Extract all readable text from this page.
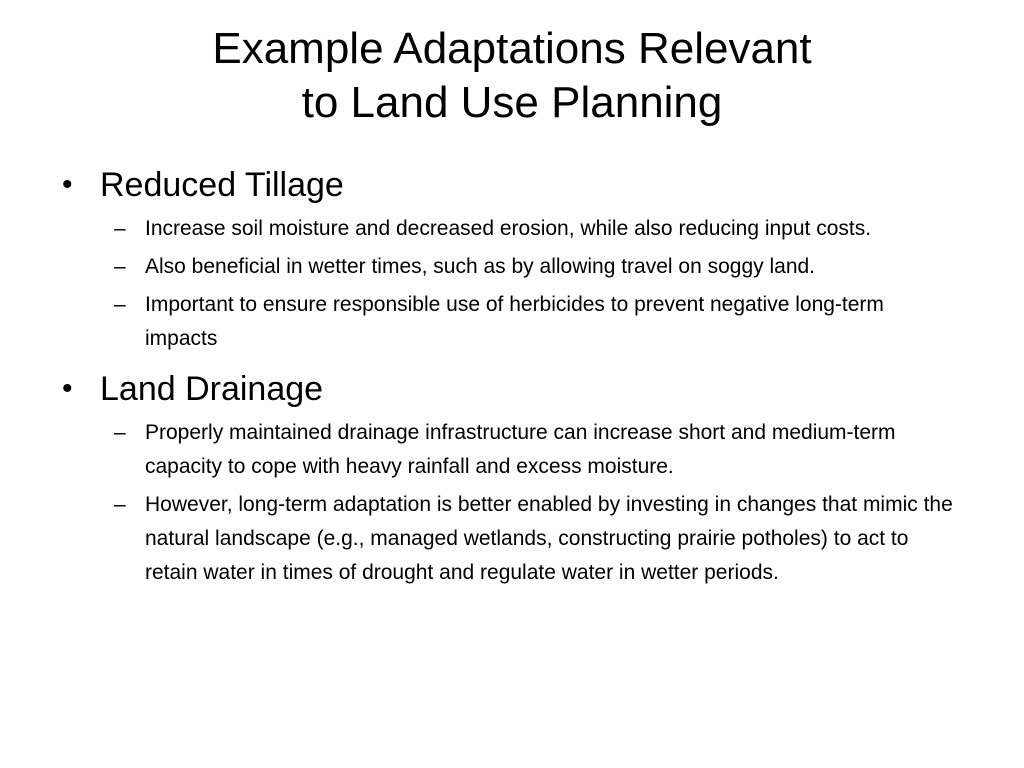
Example Adaptations Relevant
to Land Use Planning
• Reduced Tillage
– Increase soil moisture and decreased erosion, while also reducing input costs.
– Also beneficial in wetter times, such as by allowing travel on soggy land.
– Important to ensure responsible use of herbicides to prevent negative long-term impacts
• Land Drainage
– Properly maintained drainage infrastructure can increase short and medium-term capacity to cope with heavy rainfall and excess moisture.
– However, long-term adaptation is better enabled by investing in changes that mimic the natural landscape (e.g., managed wetlands, constructing prairie potholes) to act to retain water in times of drought and regulate water in wetter periods.
